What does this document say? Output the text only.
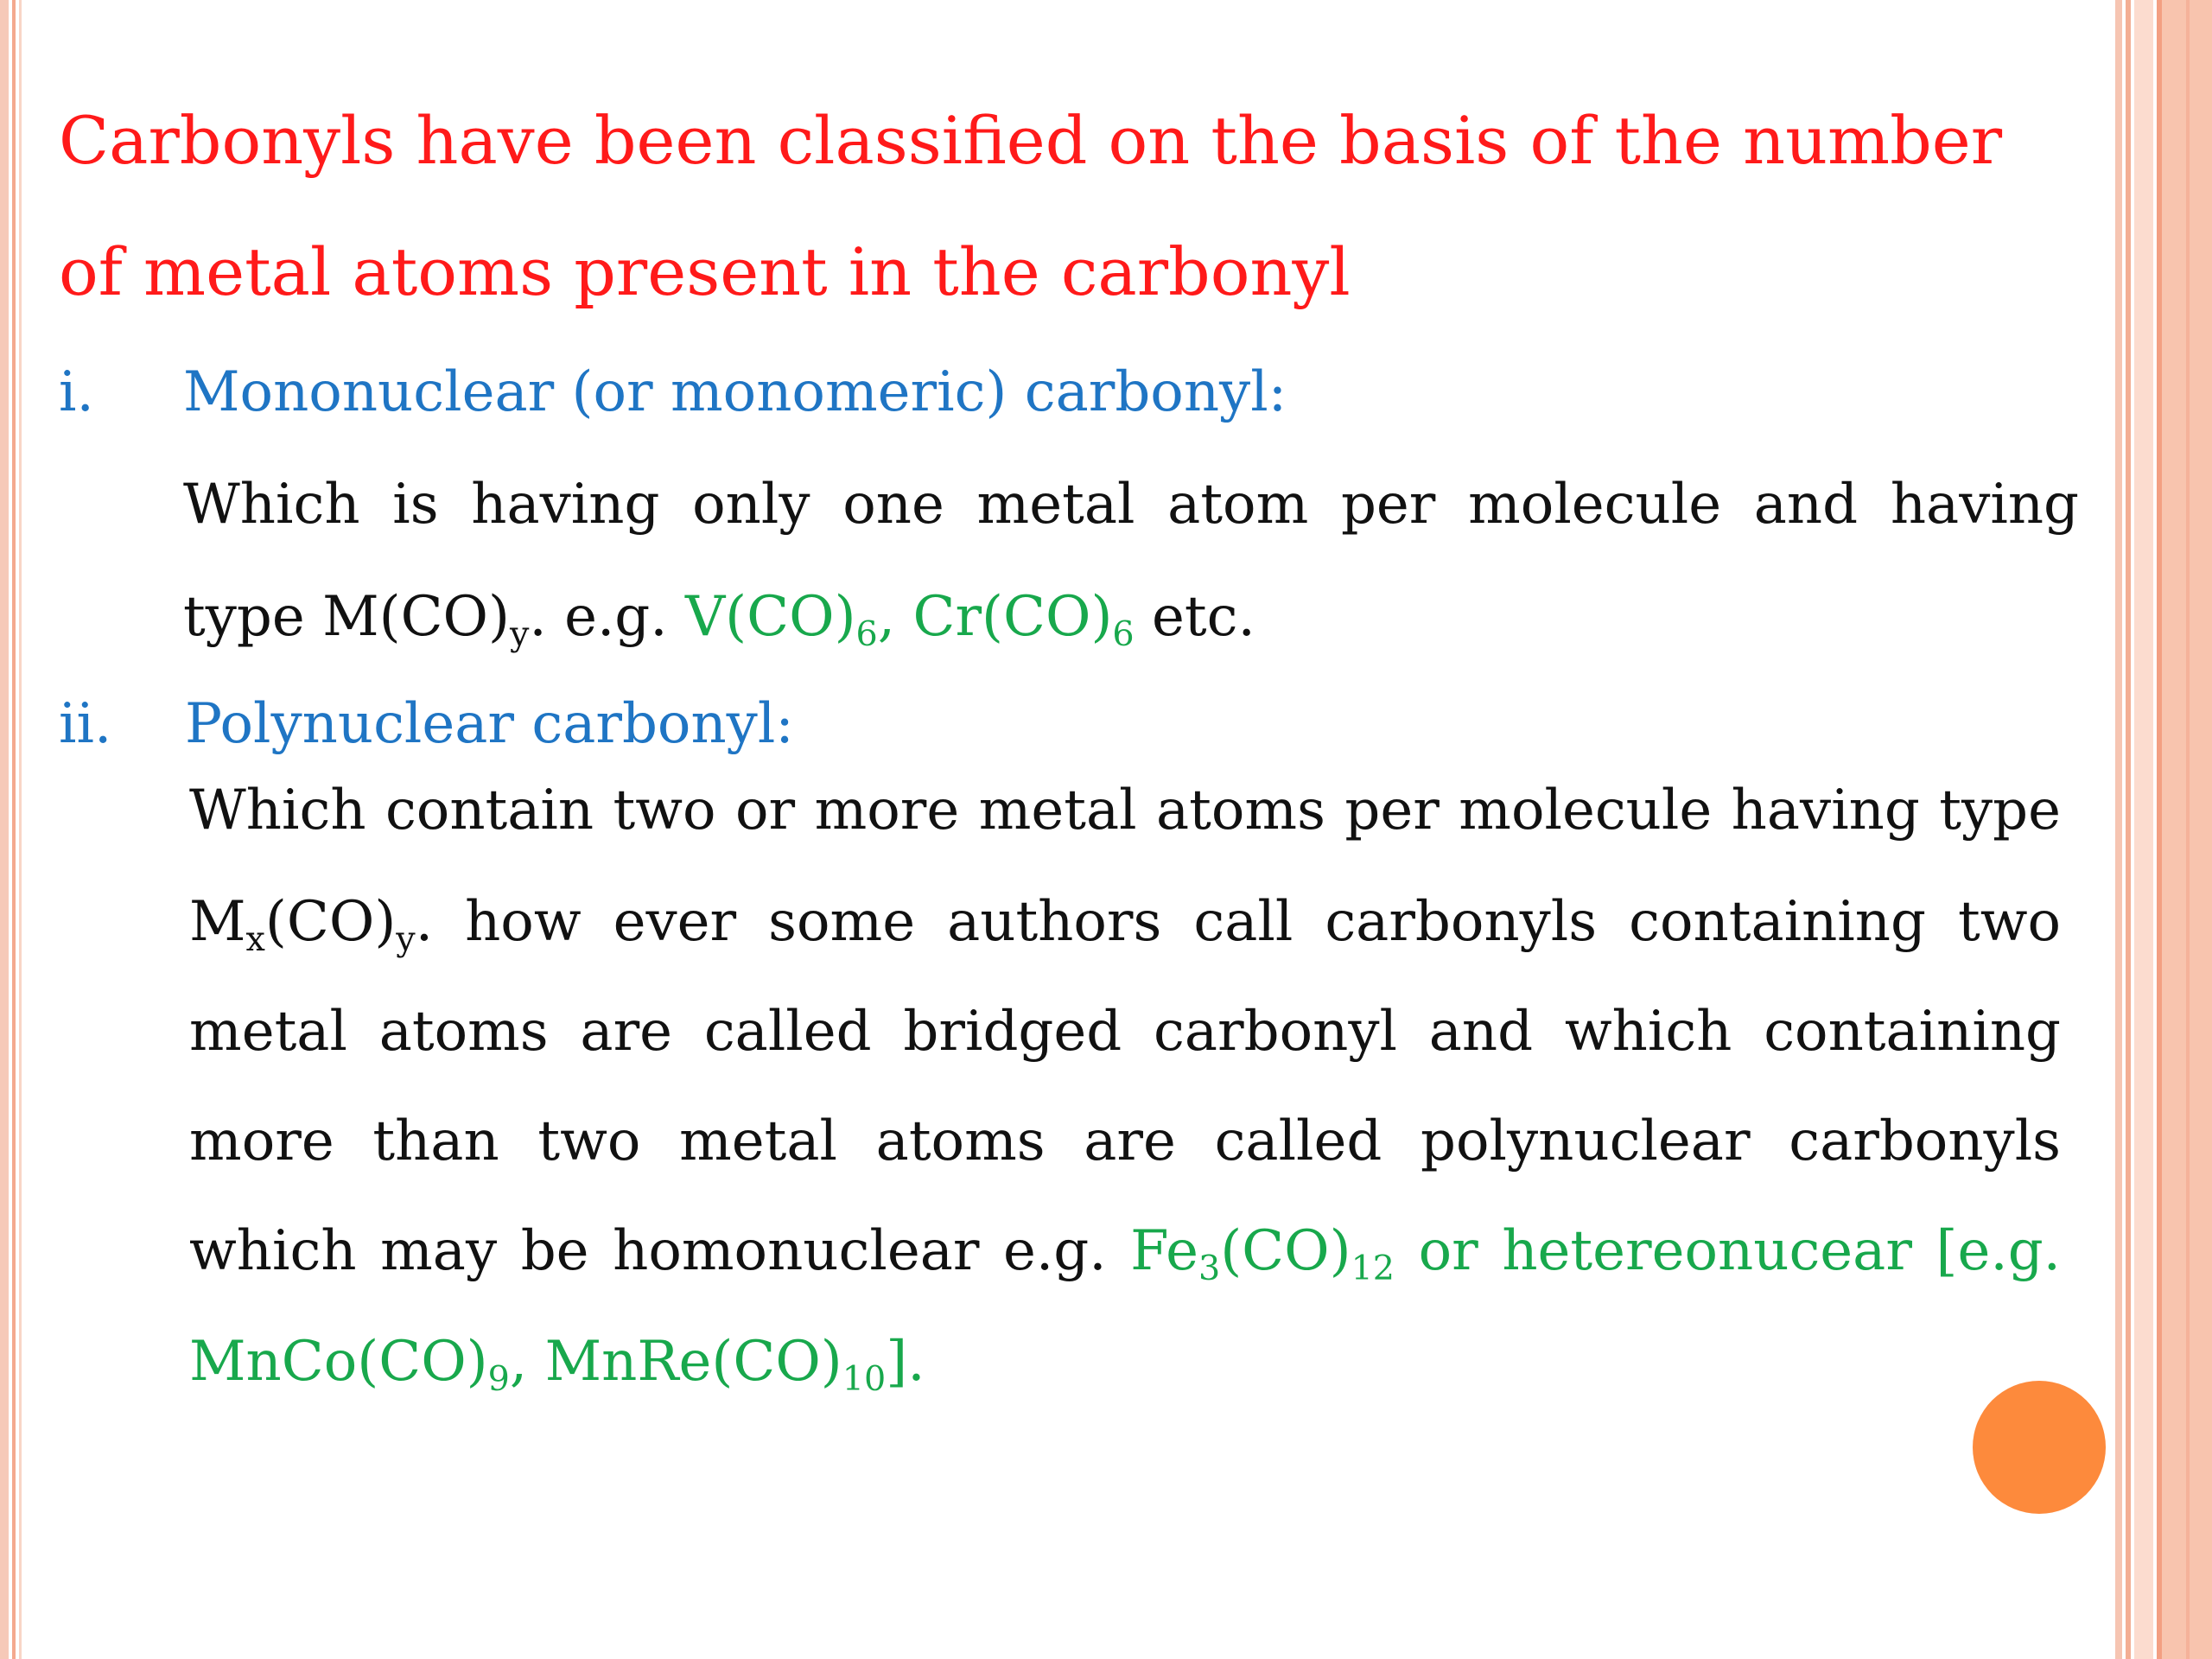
Carbonyls have been classified on the basis of the number
of metal atoms present in the carbonyl
i. Mononuclear (or monomeric) carbonyl:
Which is having only one metal atom per molecule and having
type $M(CO)_y$. e.g. $V(CO)_6$, $Cr(CO)_6$ etc.
ii. Polynuclear carbonyl:
Which contain two or more metal atoms per molecule having type
$M_x(CO)_y$. how ever some authors call carbonyls containing two
metal atoms are called bridged carbonyl and which containing
more than two metal atoms are called polynuclear carbonyls
which may be homonuclear e.g. $Fe_3(CO)_{12}$ or hetereonucear [e.g.
$MnCo(CO)_9$, $MnRe(CO)_{10}$].
